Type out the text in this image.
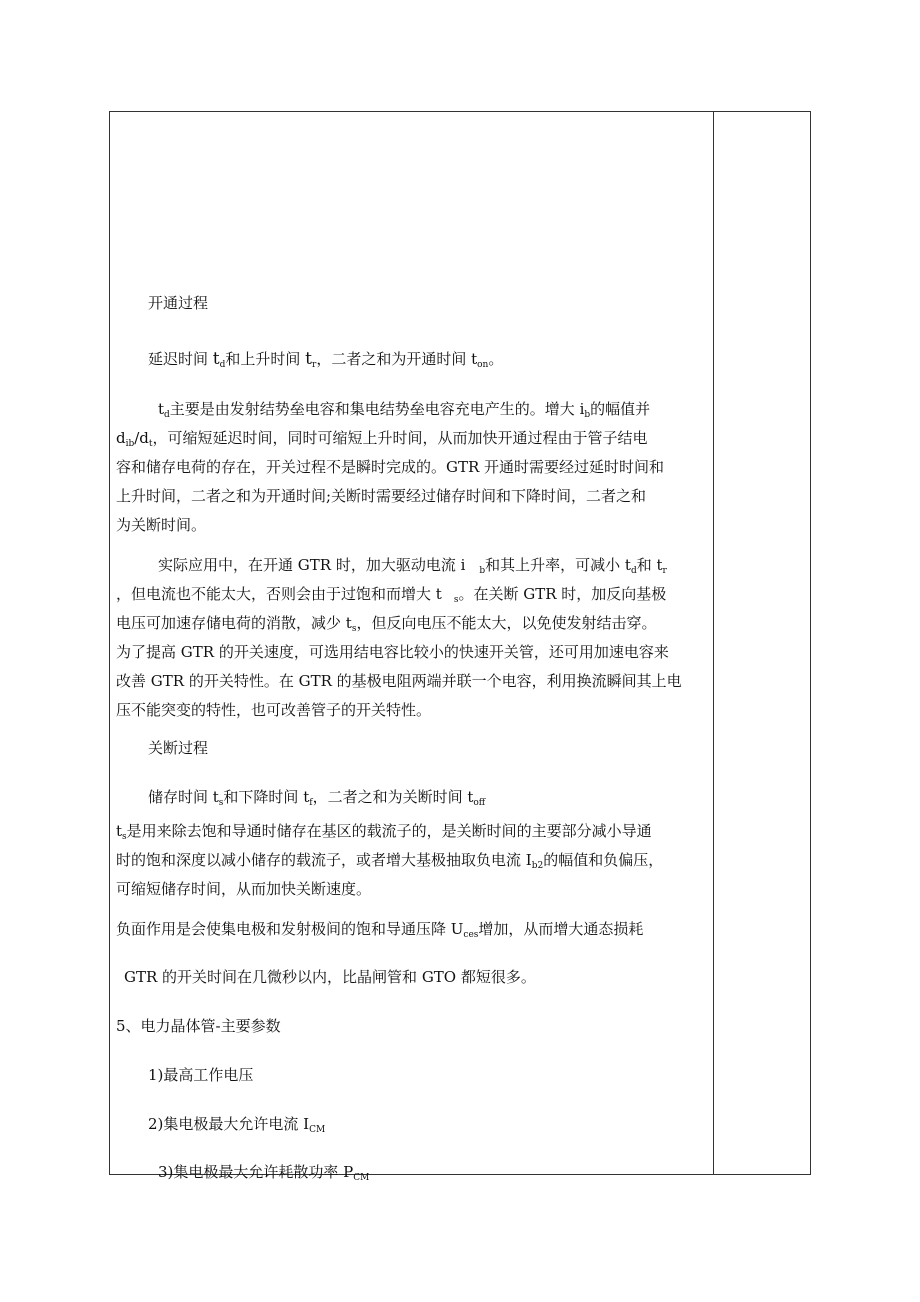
开通过程

延迟时间 $t_d$和上升时间 $t_r$，二者之和为开通时间 $t_{on}$。

$t_d$主要是由发射结势垒电容和集电结势垒电容充电产生的。增大 $i_b$的幅值并
$d_{ib}/d_t$，可缩短延迟时间，同时可缩短上升时间，从而加快开通过程由于管子结电
容和储存电荷的存在，开关过程不是瞬时完成的。GTR 开通时需要经过延时时间和
上升时间，二者之和为开通时间;关断时需要经过储存时间和下降时间，二者之和
为关断时间。
实际应用中，在开通 GTR 时，加大驱动电流 i $_b$和其上升率，可减小 $t_d$和 $t_r$
，但电流也不能太大，否则会由于过饱和而增大 t $_s$。在关断 GTR 时，加反向基极
电压可加速存储电荷的消散，减少 $t_s$，但反向电压不能太大，以免使发射结击穿。
为了提高 GTR 的开关速度，可选用结电容比较小的快速开关管，还可用加速电容来
改善 GTR 的开关特性。在 GTR 的基极电阻两端并联一个电容，利用换流瞬间其上电
压不能突变的特性，也可改善管子的开关特性。

关断过程

储存时间 $t_s$和下降时间 $t_f$，二者之和为关断时间 $t_{off}$

$t_s$是用来除去饱和导通时储存在基区的载流子的，是关断时间的主要部分减小导通
时的饱和深度以减小储存的载流子，或者增大基极抽取负电流 $I_{b2}$的幅值和负偏压，
可缩短储存时间，从而加快关断速度。

负面作用是会使集电极和发射极间的饱和导通压降 $U_{ces}$增加，从而增大通态损耗

GTR 的开关时间在几微秒以内，比晶闸管和 GTO 都短很多。

5、电力晶体管-主要参数

1)最高工作电压

2)集电极最大允许电流 $I_{CM}$

3)集电极最大允许耗散功率 $P_{CM}$
